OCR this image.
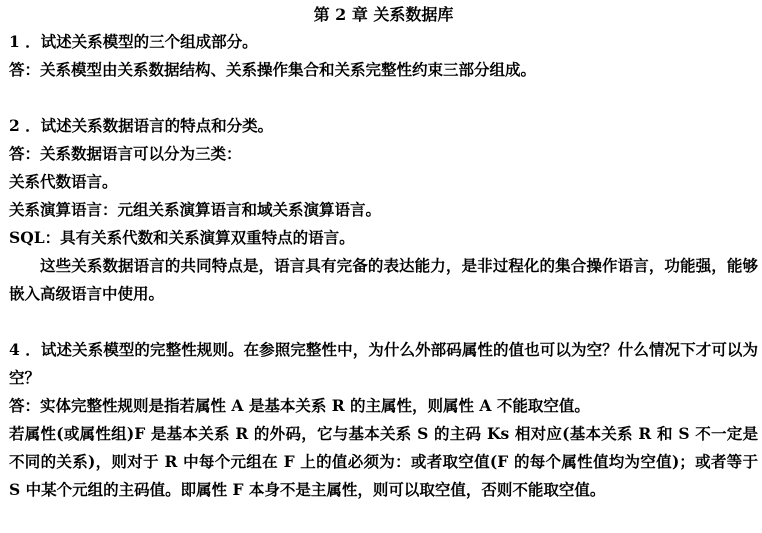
第 2 章 关系数据库
1 ．试述关系模型的三个组成部分。
答：关系模型由关系数据结构、关系操作集合和关系完整性约束三部分组成。
2 ．试述关系数据语言的特点和分类。
答：关系数据语言可以分为三类：
关系代数语言。
关系演算语言：元组关系演算语言和域关系演算语言。
SQL：具有关系代数和关系演算双重特点的语言。
这些关系数据语言的共同特点是，语言具有完备的表达能力，是非过程化的集合操作语言，功能强，能够嵌入高级语言中使用。
4 ．试述关系模型的完整性规则。在参照完整性中，为什么外部码属性的值也可以为空？什么情况下才可以为空？
答：实体完整性规则是指若属性 A 是基本关系 R 的主属性，则属性 A 不能取空值。
若属性(或属性组)F 是基本关系 R 的外码，它与基本关系 S 的主码 Ks 相对应(基本关系 R 和 S 不一定是不同的关系)，则对于 R 中每个元组在 F 上的值必须为：或者取空值(F 的每个属性值均为空值)；或者等于 S 中某个元组的主码值。即属性 F 本身不是主属性，则可以取空值，否则不能取空值。
